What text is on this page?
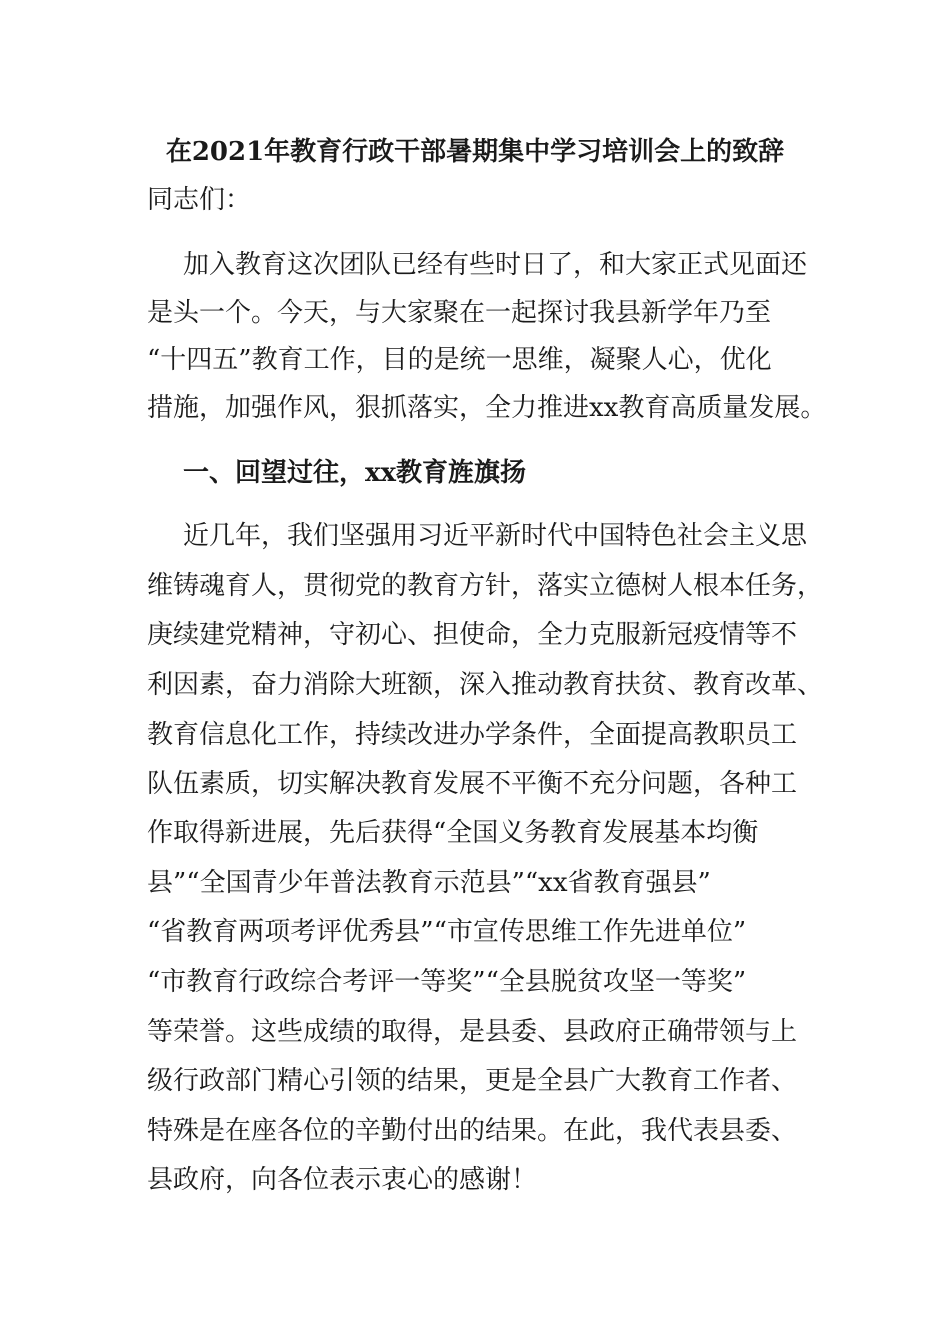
在2021年教育行政干部暑期集中学习培训会上的致辞
同志们：
加入教育这次团队已经有些时日了，和大家正式见面还
是头一个。今天，与大家聚在一起探讨我县新学年乃至
“十四五”教育工作，目的是统一思维，凝聚人心，优化
措施，加强作风，狠抓落实，全力推进xx教育高质量发展。
一、回望过往，xx教育旌旗扬
近几年，我们坚强用习近平新时代中国特色社会主义思
维铸魂育人，贯彻党的教育方针，落实立德树人根本任务，
庚续建党精神，守初心、担使命，全力克服新冠疫情等不
利因素，奋力消除大班额，深入推动教育扶贫、教育改革、
教育信息化工作，持续改进办学条件，全面提高教职员工
队伍素质，切实解决教育发展不平衡不充分问题，各种工
作取得新进展，先后获得“全国义务教育发展基本均衡
县”“全国青少年普法教育示范县”“xx省教育强县”
“省教育两项考评优秀县”“市宣传思维工作先进单位”
“市教育行政综合考评一等奖”“全县脱贫攻坚一等奖”
等荣誉。这些成绩的取得，是县委、县政府正确带领与上
级行政部门精心引领的结果，更是全县广大教育工作者、
特殊是在座各位的辛勤付出的结果。在此，我代表县委、
县政府，向各位表示衷心的感谢！
